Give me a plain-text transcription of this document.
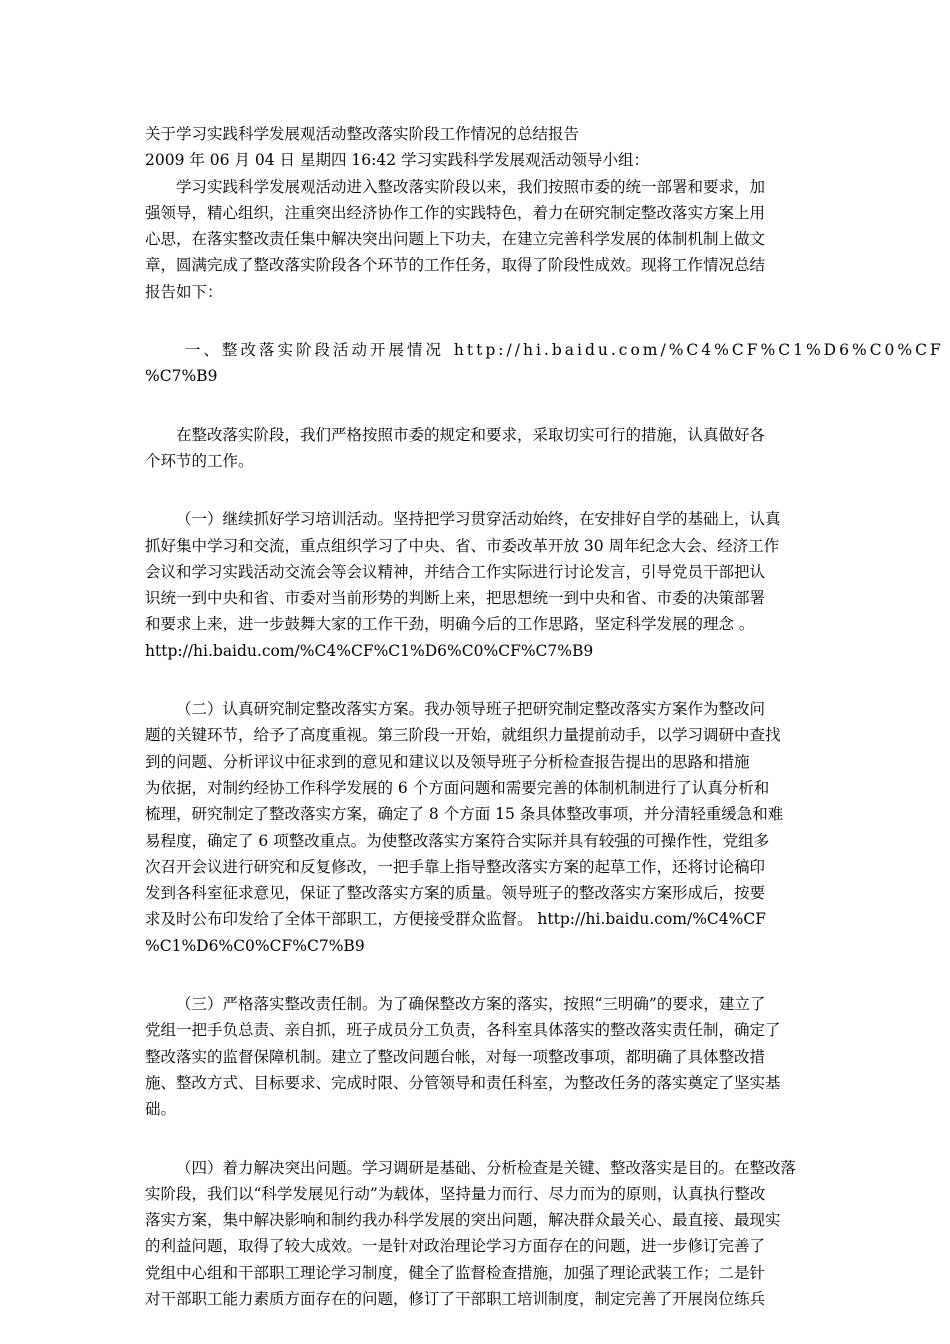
关于学习实践科学发展观活动整改落实阶段工作情况的总结报告
2009 年 06 月 04 日 星期四 16:42 学习实践科学发展观活动领导小组：
学习实践科学发展观活动进入整改落实阶段以来，我们按照市委的统一部署和要求，加
强领导，精心组织，注重突出经济协作工作的实践特色，着力在研究制定整改落实方案上用
心思，在落实整改责任集中解决突出问题上下功夫，在建立完善科学发展的体制机制上做文
章，圆满完成了整改落实阶段各个环节的工作任务，取得了阶段性成效。现将工作情况总结
报告如下：
一、整改落实阶段活动开展情况 http://hi.baidu.com/%C4%CF%C1%D6%C0%CF
%C7%B9
在整改落实阶段，我们严格按照市委的规定和要求，采取切实可行的措施，认真做好各
个环节的工作。
（一）继续抓好学习培训活动。坚持把学习贯穿活动始终，在安排好自学的基础上，认真
抓好集中学习和交流，重点组织学习了中央、省、市委改革开放 30 周年纪念大会、经济工作
会议和学习实践活动交流会等会议精神，并结合工作实际进行讨论发言，引导党员干部把认
识统一到中央和省、市委对当前形势的判断上来，把思想统一到中央和省、市委的决策部署
和要求上来，进一步鼓舞大家的工作干劲，明确今后的工作思路，坚定科学发展的理念 。
http://hi.baidu.com/%C4%CF%C1%D6%C0%CF%C7%B9
（二）认真研究制定整改落实方案。我办领导班子把研究制定整改落实方案作为整改问
题的关键环节，给予了高度重视。第三阶段一开始，就组织力量提前动手，以学习调研中查找
到的问题、分析评议中征求到的意见和建议以及领导班子分析检查报告提出的思路和措施
为依据，对制约经协工作科学发展的 6 个方面问题和需要完善的体制机制进行了认真分析和
梳理，研究制定了整改落实方案，确定了 8 个方面 15 条具体整改事项，并分清轻重缓急和难
易程度，确定了 6 项整改重点。为使整改落实方案符合实际并具有较强的可操作性，党组多
次召开会议进行研究和反复修改，一把手靠上指导整改落实方案的起草工作，还将讨论稿印
发到各科室征求意见，保证了整改落实方案的质量。领导班子的整改落实方案形成后，按要
求及时公布印发给了全体干部职工，方便接受群众监督。 http://hi.baidu.com/%C4%CF
%C1%D6%C0%CF%C7%B9
（三）严格落实整改责任制。为了确保整改方案的落实，按照“三明确”的要求，建立了
党组一把手负总责、亲自抓，班子成员分工负责，各科室具体落实的整改落实责任制，确定了
整改落实的监督保障机制。建立了整改问题台帐，对每一项整改事项，都明确了具体整改措
施、整改方式、目标要求、完成时限、分管领导和责任科室，为整改任务的落实奠定了坚实基
础。
（四）着力解决突出问题。学习调研是基础、分析检查是关键、整改落实是目的。在整改落
实阶段，我们以“科学发展见行动”为载体，坚持量力而行、尽力而为的原则，认真执行整改
落实方案，集中解决影响和制约我办科学发展的突出问题，解决群众最关心、最直接、最现实
的利益问题，取得了较大成效。一是针对政治理论学习方面存在的问题，进一步修订完善了
党组中心组和干部职工理论学习制度，健全了监督检查措施，加强了理论武装工作；二是针
对干部职工能力素质方面存在的问题，修订了干部职工培训制度，制定完善了开展岗位练兵
